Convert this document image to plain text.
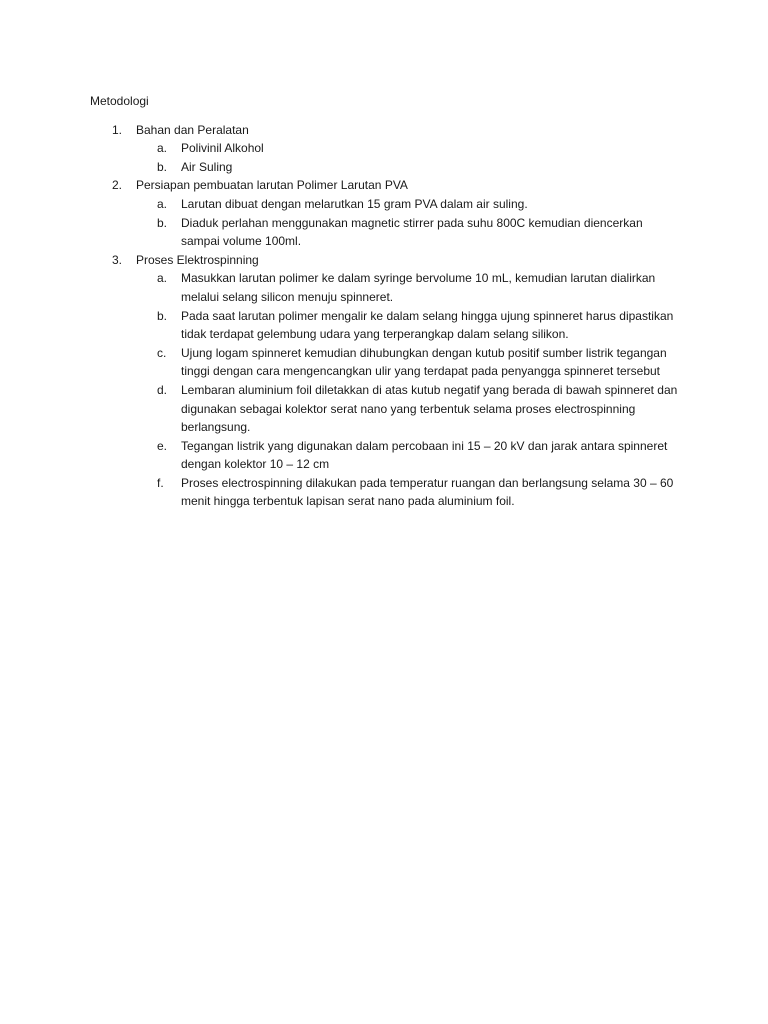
Metodologi
1. Bahan dan Peralatan
a. Polivinil Alkohol
b. Air Suling
2. Persiapan pembuatan larutan Polimer Larutan PVA
a. Larutan dibuat dengan melarutkan 15 gram PVA dalam air suling.
b. Diaduk perlahan menggunakan magnetic stirrer pada suhu 800C kemudian diencerkan sampai volume 100ml.
3. Proses Elektrospinning
a. Masukkan larutan polimer ke dalam syringe bervolume 10 mL, kemudian larutan dialirkan melalui selang silicon menuju spinneret.
b. Pada saat larutan polimer mengalir ke dalam selang hingga ujung spinneret harus dipastikan tidak terdapat gelembung udara yang terperangkap dalam selang silikon.
c. Ujung logam spinneret kemudian dihubungkan dengan kutub positif sumber listrik tegangan tinggi dengan cara mengencangkan ulir yang terdapat pada penyangga spinneret tersebut
d. Lembaran aluminium foil diletakkan di atas kutub negatif yang berada di bawah spinneret dan digunakan sebagai kolektor serat nano yang terbentuk selama proses electrospinning berlangsung.
e. Tegangan listrik yang digunakan dalam percobaan ini 15 – 20 kV dan jarak antara spinneret dengan kolektor 10 – 12 cm
f. Proses electrospinning dilakukan pada temperatur ruangan dan berlangsung selama 30 – 60 menit hingga terbentuk lapisan serat nano pada aluminium foil.
